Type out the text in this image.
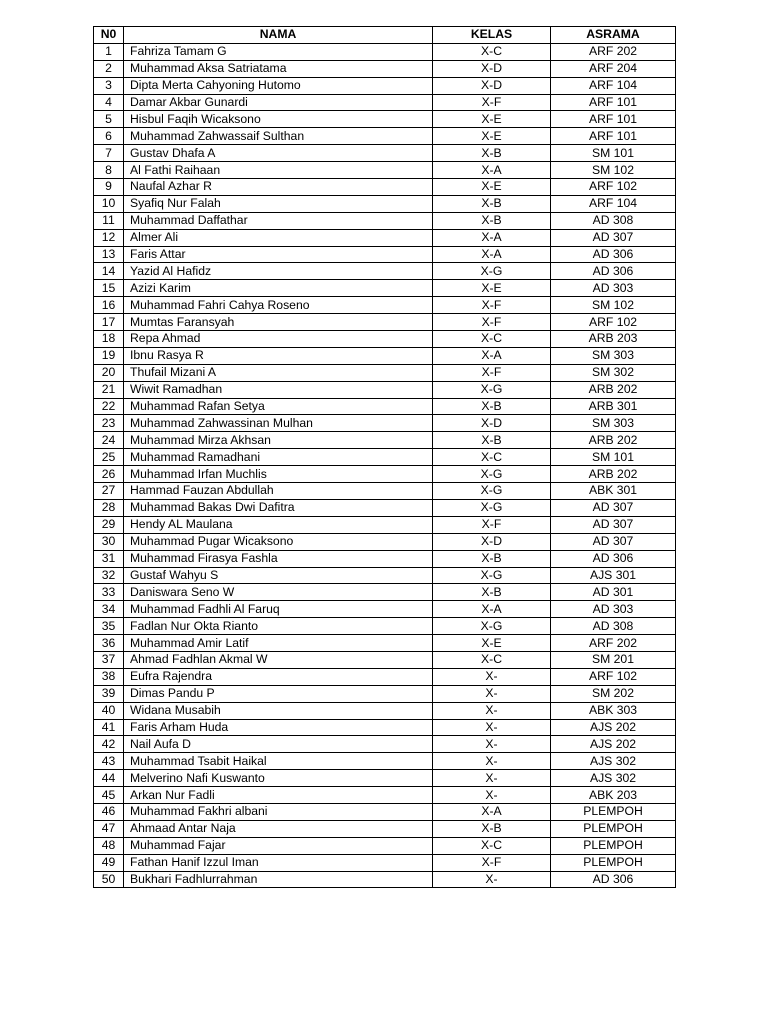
N0	NAMA	KELAS	ASRAMA
1	Fahriza Tamam G	X-C	ARF 202
2	Muhammad Aksa Satriatama	X-D	ARF 204
3	Dipta Merta Cahyoning Hutomo	X-D	ARF 104
4	Damar Akbar Gunardi	X-F	ARF 101
5	Hisbul Faqih Wicaksono	X-E	ARF 101
6	Muhammad Zahwassaif Sulthan	X-E	ARF 101
7	Gustav Dhafa A	X-B	SM 101
8	Al Fathi Raihaan	X-A	SM 102
9	Naufal Azhar R	X-E	ARF 102
10	Syafiq Nur Falah	X-B	ARF 104
11	Muhammad Daffathar	X-B	AD 308
12	Almer Ali	X-A	AD 307
13	Faris Attar	X-A	AD 306
14	Yazid Al Hafidz	X-G	AD 306
15	Azizi Karim	X-E	AD 303
16	Muhammad Fahri Cahya Roseno	X-F	SM 102
17	Mumtas Faransyah	X-F	ARF 102
18	Repa Ahmad	X-C	ARB 203
19	Ibnu Rasya R	X-A	SM 303
20	Thufail Mizani A	X-F	SM 302
21	Wiwit Ramadhan	X-G	ARB 202
22	Muhammad Rafan Setya	X-B	ARB 301
23	Muhammad Zahwassinan Mulhan	X-D	SM 303
24	Muhammad Mirza Akhsan	X-B	ARB 202
25	Muhammad Ramadhani	X-C	SM 101
26	Muhammad Irfan Muchlis	X-G	ARB 202
27	Hammad Fauzan Abdullah	X-G	ABK 301
28	Muhammad Bakas Dwi Dafitra	X-G	AD 307
29	Hendy AL Maulana	X-F	AD 307
30	Muhammad Pugar Wicaksono	X-D	AD 307
31	Muhammad Firasya Fashla	X-B	AD 306
32	Gustaf Wahyu S	X-G	AJS 301
33	Daniswara Seno W	X-B	AD 301
34	Muhammad Fadhli Al Faruq	X-A	AD 303
35	Fadlan Nur Okta Rianto	X-G	AD 308
36	Muhammad Amir Latif	X-E	ARF 202
37	Ahmad Fadhlan Akmal W	X-C	SM 201
38	Eufra Rajendra	X-	ARF 102
39	Dimas Pandu P	X-	SM 202
40	Widana Musabih	X-	ABK 303
41	Faris Arham Huda	X-	AJS 202
42	Nail Aufa D	X-	AJS 202
43	Muhammad Tsabit Haikal	X-	AJS 302
44	Melverino Nafi Kuswanto	X-	AJS 302
45	Arkan Nur Fadli	X-	ABK 203
46	Muhammad Fakhri albani	X-A	PLEMPOH
47	Ahmaad Antar Naja	X-B	PLEMPOH
48	Muhammad Fajar	X-C	PLEMPOH
49	Fathan Hanif Izzul Iman	X-F	PLEMPOH
50	Bukhari Fadhlurrahman	X-	AD 306
